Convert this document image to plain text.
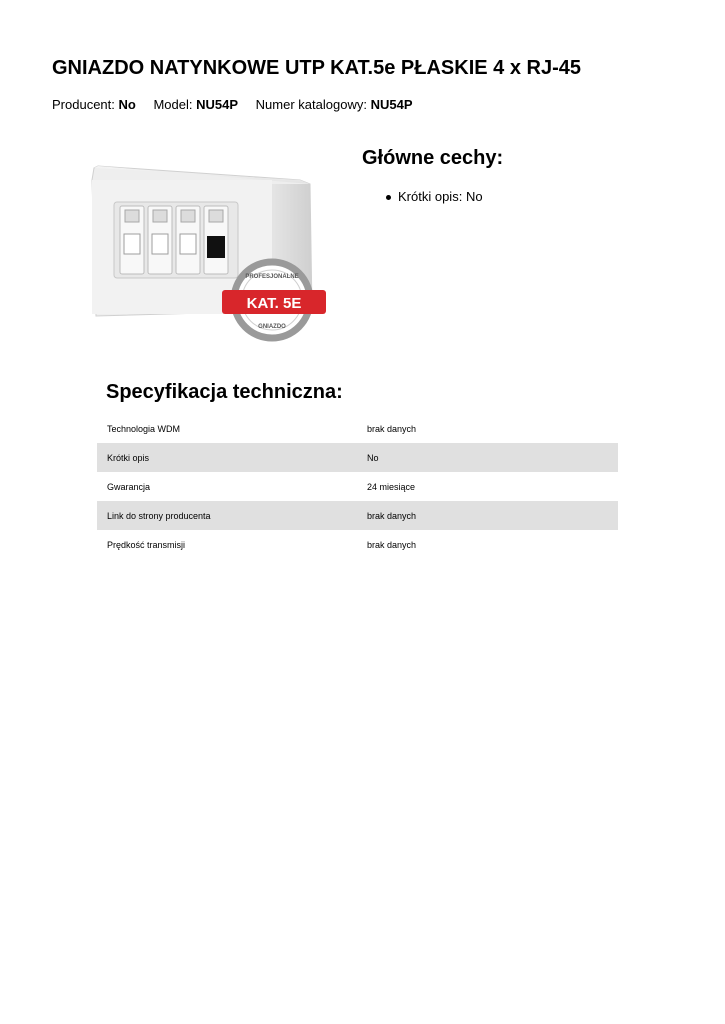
GNIAZDO NATYNKOWE UTP KAT.5e PŁASKIE 4 x RJ-45
Producent: No Model: NU54P Numer katalogowy: NU54P
KAT. 5E
PROFESJONALNE
GNIAZDO
Główne cechy:
Krótki opis: No
Specyfikacja techniczna:
Technologia WDM	brak danych
Krótki opis	No
Gwarancja	24 miesiące
Link do strony producenta	brak danych
Prędkość transmisji	brak danych
